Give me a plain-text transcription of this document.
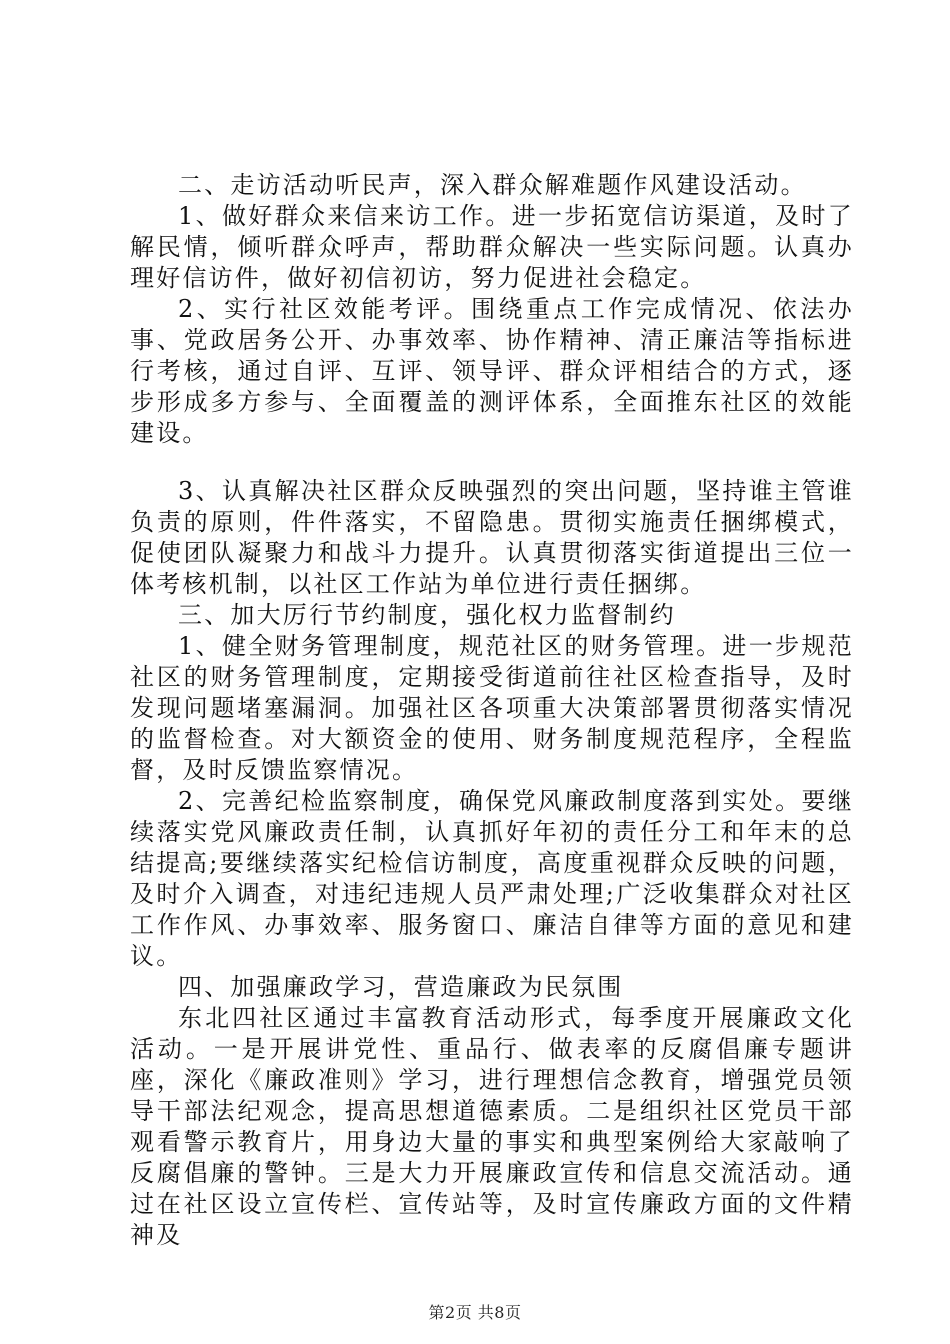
二、走访活动听民声，深入群众解难题作风建设活动。

1、做好群众来信来访工作。进一步拓宽信访渠道，及时了解民情，倾听群众呼声，帮助群众解决一些实际问题。认真办理好信访件，做好初信初访，努力促进社会稳定。

2、实行社区效能考评。围绕重点工作完成情况、依法办事、党政居务公开、办事效率、协作精神、清正廉洁等指标进行考核，通过自评、互评、领导评、群众评相结合的方式，逐步形成多方参与、全面覆盖的测评体系，全面推东社区的效能建设。

3、认真解决社区群众反映强烈的突出问题，坚持谁主管谁负责的原则，件件落实，不留隐患。贯彻实施责任捆绑模式，促使团队凝聚力和战斗力提升。认真贯彻落实街道提出三位一体考核机制，以社区工作站为单位进行责任捆绑。

三、加大厉行节约制度，强化权力监督制约

1、健全财务管理制度，规范社区的财务管理。进一步规范社区的财务管理制度，定期接受街道前往社区检查指导，及时发现问题堵塞漏洞。加强社区各项重大决策部署贯彻落实情况的监督检查。对大额资金的使用、财务制度规范程序，全程监督，及时反馈监察情况。

2、完善纪检监察制度，确保党风廉政制度落到实处。要继续落实党风廉政责任制，认真抓好年初的责任分工和年末的总结提高;要继续落实纪检信访制度，高度重视群众反映的问题，及时介入调查，对违纪违规人员严肃处理;广泛收集群众对社区工作作风、办事效率、服务窗口、廉洁自律等方面的意见和建议。

四、加强廉政学习，营造廉政为民氛围

东北四社区通过丰富教育活动形式，每季度开展廉政文化活动。一是开展讲党性、重品行、做表率的反腐倡廉专题讲座，深化《廉政准则》学习，进行理想信念教育，增强党员领导干部法纪观念，提高思想道德素质。二是组织社区党员干部观看警示教育片，用身边大量的事实和典型案例给大家敲响了反腐倡廉的警钟。三是大力开展廉政宣传和信息交流活动。通过在社区设立宣传栏、宣传站等，及时宣传廉政方面的文件精神及

第2页 共8页
